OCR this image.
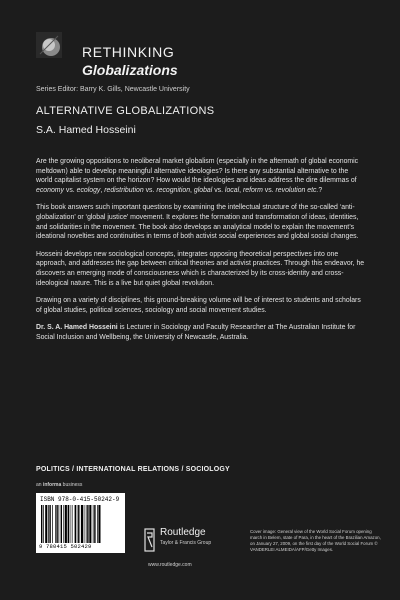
RETHINKING
Globalizations
Series Editor: Barry K. Gills, Newcastle University
ALTERNATIVE GLOBALIZATIONS
S.A. Hamed Hosseini

Are the growing oppositions to neoliberal market globalism (especially in the aftermath of global economic meltdown) able to develop meaningful alternative ideologies? Is there any substantial alternative to the world capitalist system on the horizon? How would the ideologies and ideas address the dire dilemmas of economy vs. ecology, redistribution vs. recognition, global vs. local, reform vs. revolution etc.?

This book answers such important questions by examining the intellectual structure of the so-called ‘anti-globalization’ or ‘global justice’ movement. It explores the formation and transformation of ideas, identities, and solidarities in the movement. The book also develops an analytical model to explain the movement’s ideational novelties and continuities in terms of both activist social experiences and global social changes.

Hosseini develops new sociological concepts, integrates opposing theoretical perspectives into one approach, and addresses the gap between critical theories and activist practices. Through this endeavor, he discovers an emerging mode of consciousness which is characterized by its cross-identity and cross-ideological nature. This is a live but quiet global revolution.

Drawing on a variety of disciplines, this ground-breaking volume will be of interest to students and scholars of global studies, political sciences, sociology and social movement studies.

Dr. S. A. Hamed Hosseini is Lecturer in Sociology and Faculty Researcher at The Australian Institute for Social Inclusion and Wellbeing, the University of Newcastle, Australia.

POLITICS / INTERNATIONAL RELATIONS / SOCIOLOGY
an informa business
ISBN 978-0-415-50242-9
9 780415 502429
Routledge
Taylor & Francis Group
www.routledge.com
Cover image: General view of the World Social Forum opening march in Belem, state of Para, in the heart of the Brazilian Amazon, on January 27, 2009, on the first day of the World Social Forum © VANDERLEI ALMEIDA/AFP/Getty Images.
